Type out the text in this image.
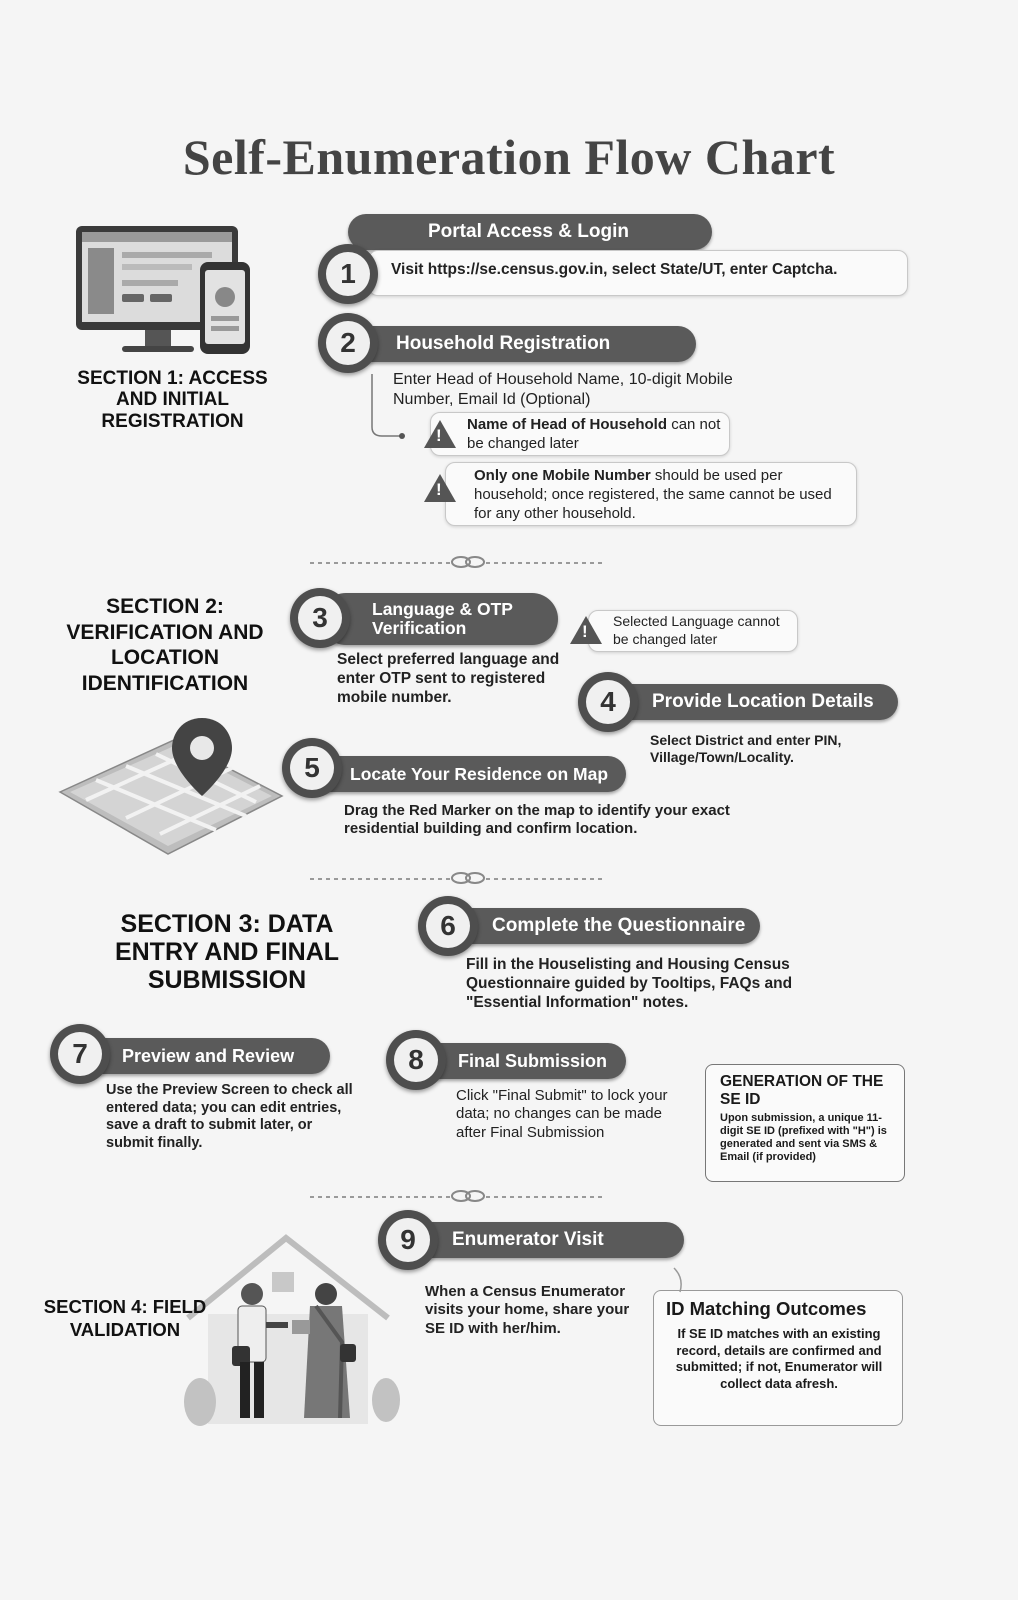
Self-Enumeration Flow Chart
SECTION 1: ACCESS AND INITIAL REGISTRATION
Portal Access & Login
Visit https://se.census.gov.in, select State/UT, enter Captcha.
1
Household Registration
2
Enter Head of Household Name, 10-digit Mobile Number, Email Id (Optional)
Name of Head of Household can not be changed later
!
Only one Mobile Number should be used per household; once registered, the same cannot be used for any other household.
!
SECTION 2: VERIFICATION AND LOCATION IDENTIFICATION
Language & OTP Verification
3
Select preferred language and enter OTP sent to registered mobile number.
Selected Language cannot be changed later
!
Provide Location Details
4
Select District and enter PIN, Village/Town/Locality.
Locate Your Residence on Map
5
Drag the Red Marker on the map to identify your exact residential building and confirm location.
SECTION 3: DATA ENTRY AND FINAL SUBMISSION
Complete the Questionnaire
6
Fill in the Houselisting and Housing Census Questionnaire guided by Tooltips, FAQs and "Essential Information" notes.
Preview and Review
7
Use the Preview Screen to check all entered data; you can edit entries, save a draft to submit later, or submit finally.
Final Submission
8
Click "Final Submit" to lock your data; no changes can be made after Final Submission
GENERATION OF THE SE ID
Upon submission, a unique 11-digit SE ID (prefixed with "H") is generated and sent via SMS & Email (if provided)
SECTION 4: FIELD VALIDATION
Enumerator Visit
9
When a Census Enumerator visits your home, share your SE ID with her/him.
ID Matching Outcomes
If SE ID matches with an existing record, details are confirmed and submitted; if not, Enumerator will collect data afresh.
